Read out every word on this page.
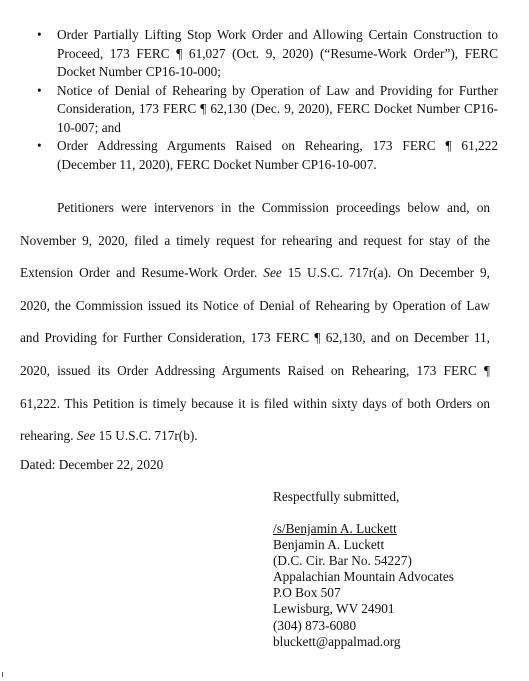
•	Order Partially Lifting Stop Work Order and Allowing Certain Construction to Proceed, 173 FERC ¶ 61,027 (Oct. 9, 2020) (“Resume-Work Order”), FERC Docket Number CP16-10-000;
•	Notice of Denial of Rehearing by Operation of Law and Providing for Further Consideration, 173 FERC ¶ 62,130 (Dec. 9, 2020), FERC Docket Number CP16-10-007; and
•	Order Addressing Arguments Raised on Rehearing, 173 FERC ¶ 61,222 (December 11, 2020), FERC Docket Number CP16-10-007.

Petitioners were intervenors in the Commission proceedings below and, on November 9, 2020, filed a timely request for rehearing and request for stay of the Extension Order and Resume-Work Order. See 15 U.S.C. 717r(a). On December 9, 2020, the Commission issued its Notice of Denial of Rehearing by Operation of Law and Providing for Further Consideration, 173 FERC ¶ 62,130, and on December 11, 2020, issued its Order Addressing Arguments Raised on Rehearing, 173 FERC ¶ 61,222. This Petition is timely because it is filed within sixty days of both Orders on rehearing. See 15 U.S.C. 717r(b).

Dated: December 22, 2020
Respectfully submitted,
/s/Benjamin A. Luckett
Benjamin A. Luckett
(D.C. Cir. Bar No. 54227)
Appalachian Mountain Advocates
P.O Box 507
Lewisburg, WV 24901
(304) 873-6080
bluckett@appalmad.org
